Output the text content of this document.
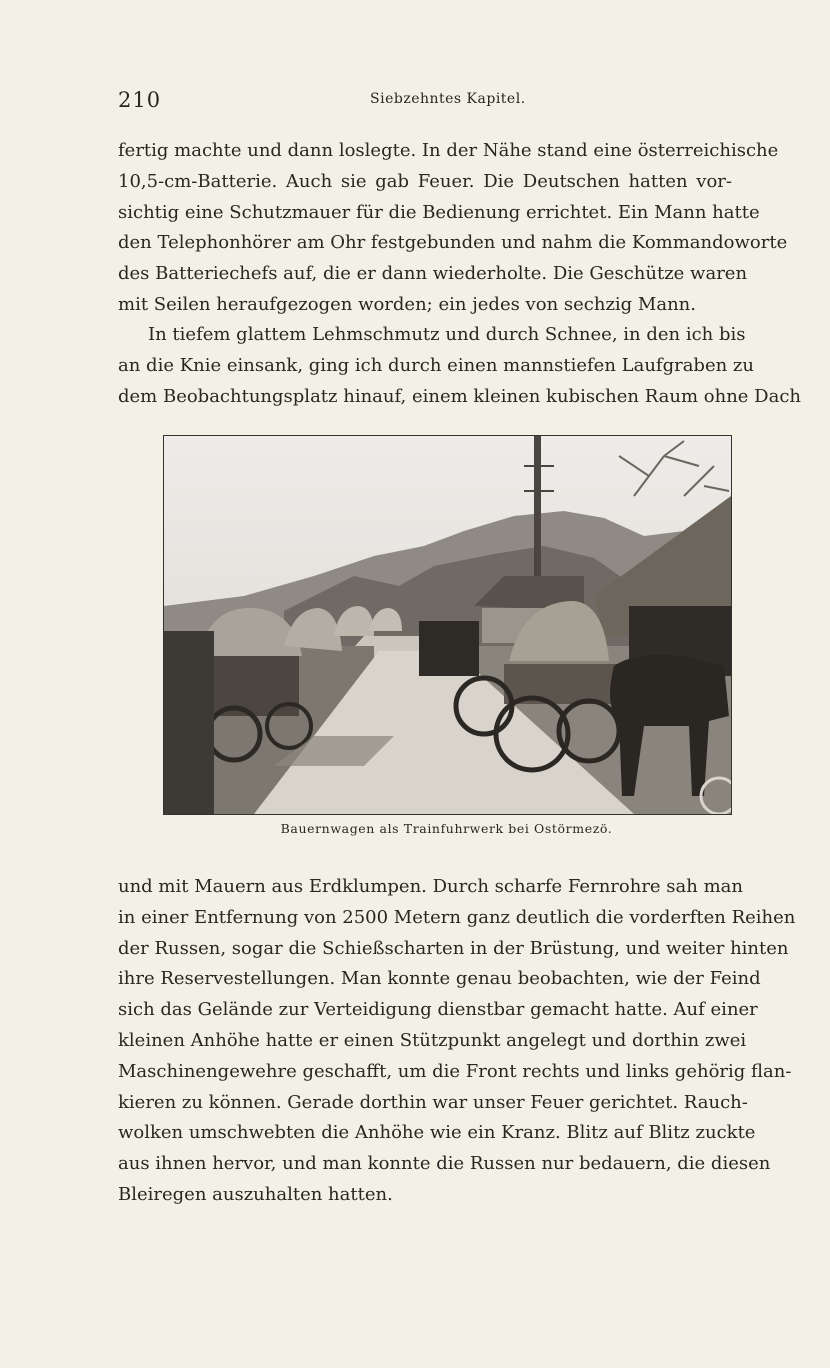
210	Siebzehntes Kapitel.

fertig machte und dann loslegte. In der Nähe stand eine österreichische
10,5-cm-Batterie. Auch sie gab Feuer. Die Deutschen hatten vor-
sichtig eine Schutzmauer für die Bedienung errichtet. Ein Mann hatte
den Telephonhörer am Ohr festgebunden und nahm die Kommandoworte
des Batteriechefs auf, die er dann wiederholte. Die Geschütze waren
mit Seilen heraufgezogen worden; ein jedes von sechzig Mann.

In tiefem glattem Lehmschmutz und durch Schnee, in den ich bis
an die Knie einsank, ging ich durch einen mannstiefen Laufgraben zu
dem Beobachtungsplatz hinauf, einem kleinen kubischen Raum ohne Dach

Bauernwagen als Trainfuhrwerk bei Ostörmezö.

und mit Mauern aus Erdklumpen. Durch scharfe Fernrohre sah man
in einer Entfernung von 2500 Metern ganz deutlich die vorderften Reihen
der Russen, sogar die Schießscharten in der Brüstung, und weiter hinten
ihre Reservestellungen. Man konnte genau beobachten, wie der Feind
sich das Gelände zur Verteidigung dienstbar gemacht hatte. Auf einer
kleinen Anhöhe hatte er einen Stützpunkt angelegt und dorthin zwei
Maschinengewehre geschafft, um die Front rechts und links gehörig flan-
kieren zu können. Gerade dorthin war unser Feuer gerichtet. Rauch-
wolken umschwebten die Anhöhe wie ein Kranz. Blitz auf Blitz zuckte
aus ihnen hervor, und man konnte die Russen nur bedauern, die diesen
Bleiregen auszuhalten hatten.
